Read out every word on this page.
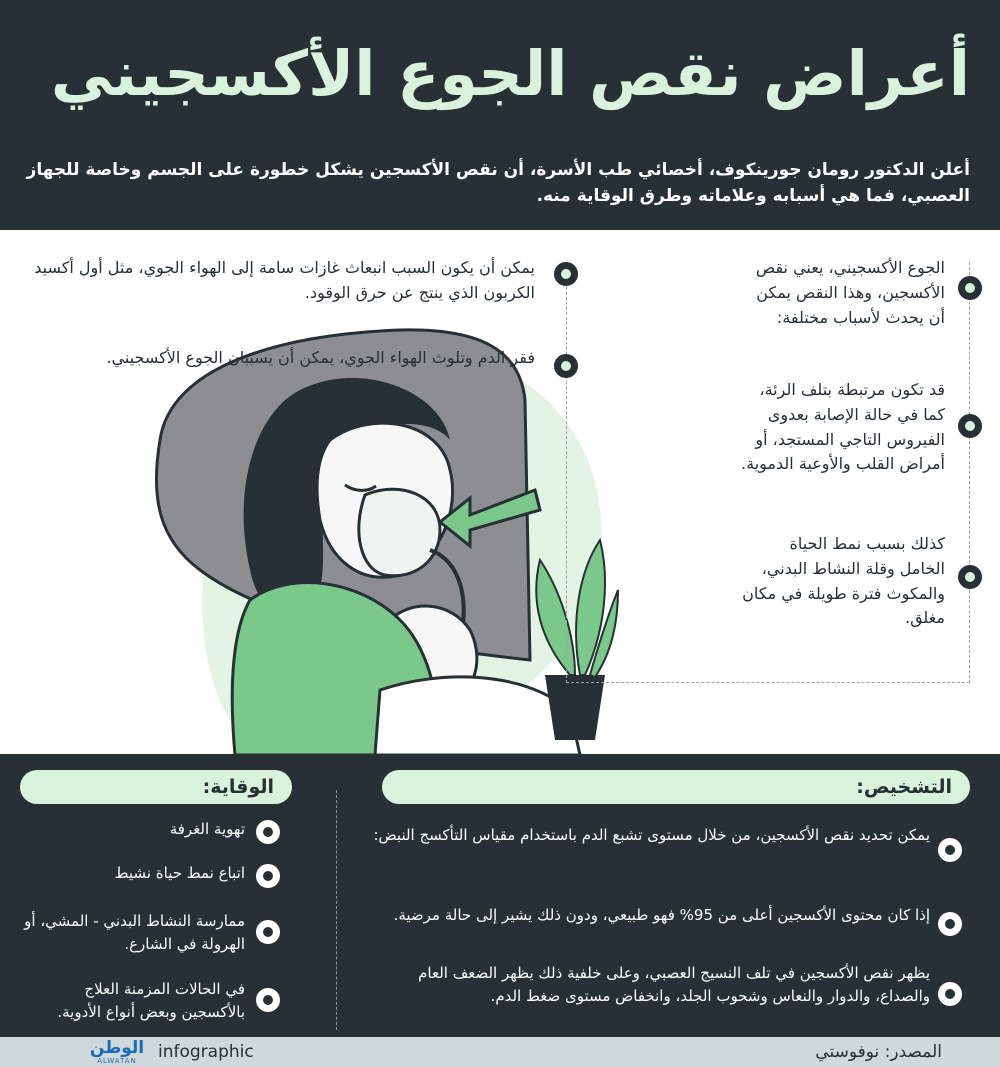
أعراض نقص الجوع الأكسجيني
أعلن الدكتور رومان جورينكوف، أخصائي طب الأسرة، أن نقص الأكسجين يشكل خطورة على الجسم وخاصة للجهاز العصبي، فما هي أسبابه وعلاماته وطرق الوقاية منه.
الجوع الأكسجيني، يعني نقص الأكسجين، وهذا النقص يمكن أن يحدث لأسباب مختلفة:
قد تكون مرتبطة بتلف الرئة، كما في حالة الإصابة بعدوى الفيروس التاجي المستجد، أو أمراض القلب والأوعية الدموية.
كذلك بسبب نمط الحياة الخامل وقلة النشاط البدني، والمكوث فترة طويلة في مكان مغلق.
يمكن أن يكون السبب انبعاث غازات سامة إلى الهواء الجوي، مثل أول أكسيد الكربون الذي ينتج عن حرق الوقود.
فقر الدم وتلوث الهواء الجوي، يمكن أن يسببان الجوع الأكسجيني.
التشخيص:
الوقاية:
يمكن تحديد نقص الأكسجين، من خلال مستوى تشبع الدم باستخدام مقياس التأكسج النبض:
إذا كان محتوى الأكسجين أعلى من 95% فهو طبيعي، ودون ذلك يشير إلى حالة مرضية.
يظهر نقص الأكسجين في تلف النسيج العصبي، وعلى خلفية ذلك يظهر الضعف العام والصداع، والدوار والنعاس وشحوب الجلد، وانخفاض مستوى ضغط الدم.
تهوية الغرفة
اتباع نمط حياة نشيط
ممارسة النشاط البدني - المشي، أو الهرولة في الشارع.
في الحالات المزمنة العلاج بالأكسجين وبعض أنواع الأدوية.
المصدر: نوفوستي
الوطن
ALWATAN	infographic
